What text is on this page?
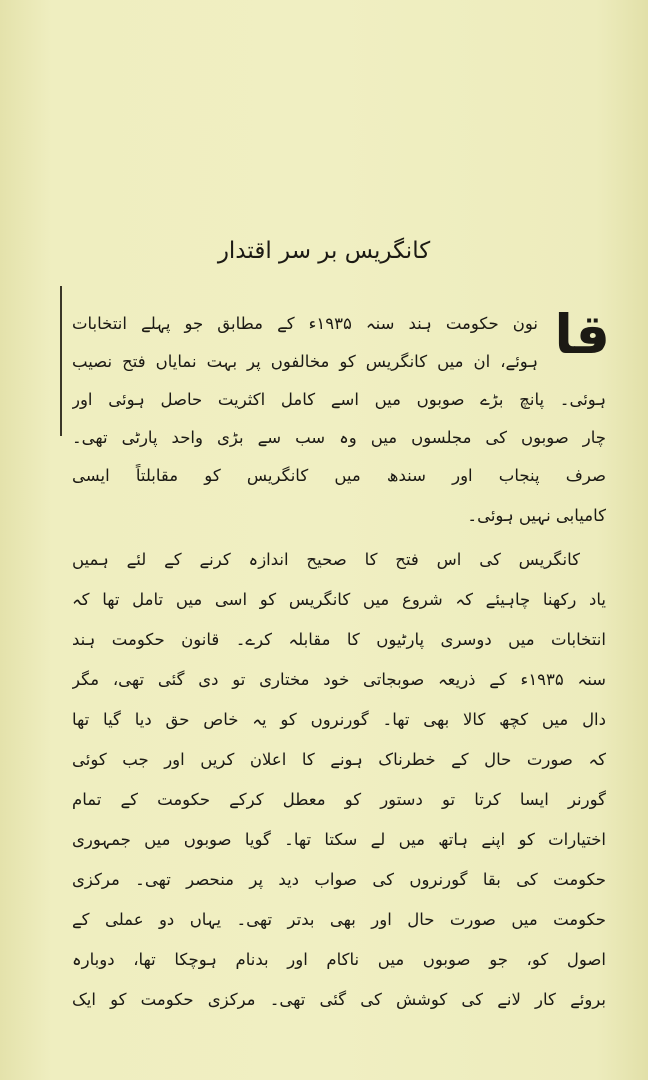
کانگریس بر سر اقتدار
قا
نون حکومت ہند سنہ ۱۹۳۵ء کے مطابق جو پہلے انتخابات
ہوئے، ان میں کانگریس کو مخالفوں پر بہت نمایاں فتح نصیب
ہوئی۔ پانچ بڑے صوبوں میں اسے کامل اکثریت حاصل ہوئی اور
چار صوبوں کی مجلسوں میں وہ سب سے بڑی واحد پارٹی تھی۔
صرف پنجاب اور سندھ میں کانگریس کو مقابلتاً ایسی
کامیابی نہیں ہوئی۔
کانگریس کی اس فتح کا صحیح اندازہ کرنے کے لئے ہمیں
یاد رکھنا چاہیئے کہ شروع میں کانگریس کو اسی میں تامل تھا کہ
انتخابات میں دوسری پارٹیوں کا مقابلہ کرے۔ قانون حکومت ہند
سنہ ۱۹۳۵ء کے ذریعہ صوبجاتی خود مختاری تو دی گئی تھی، مگر
دال میں کچھ کالا بھی تھا۔ گورنروں کو یہ خاص حق دیا گیا تھا
کہ صورت حال کے خطرناک ہونے کا اعلان کریں اور جب کوئی
گورنر ایسا کرتا تو دستور کو معطل کرکے حکومت کے تمام
اختیارات کو اپنے ہاتھ میں لے سکتا تھا۔ گویا صوبوں میں جمہوری
حکومت کی بقا گورنروں کی صواب دید پر منحصر تھی۔ مرکزی
حکومت میں صورت حال اور بھی بدتر تھی۔ یہاں دو عملی کے
اصول کو، جو صوبوں میں ناکام اور بدنام ہوچکا تھا، دوبارہ
بروئے کار لانے کی کوشش کی گئی تھی۔ مرکزی حکومت کو ایک
